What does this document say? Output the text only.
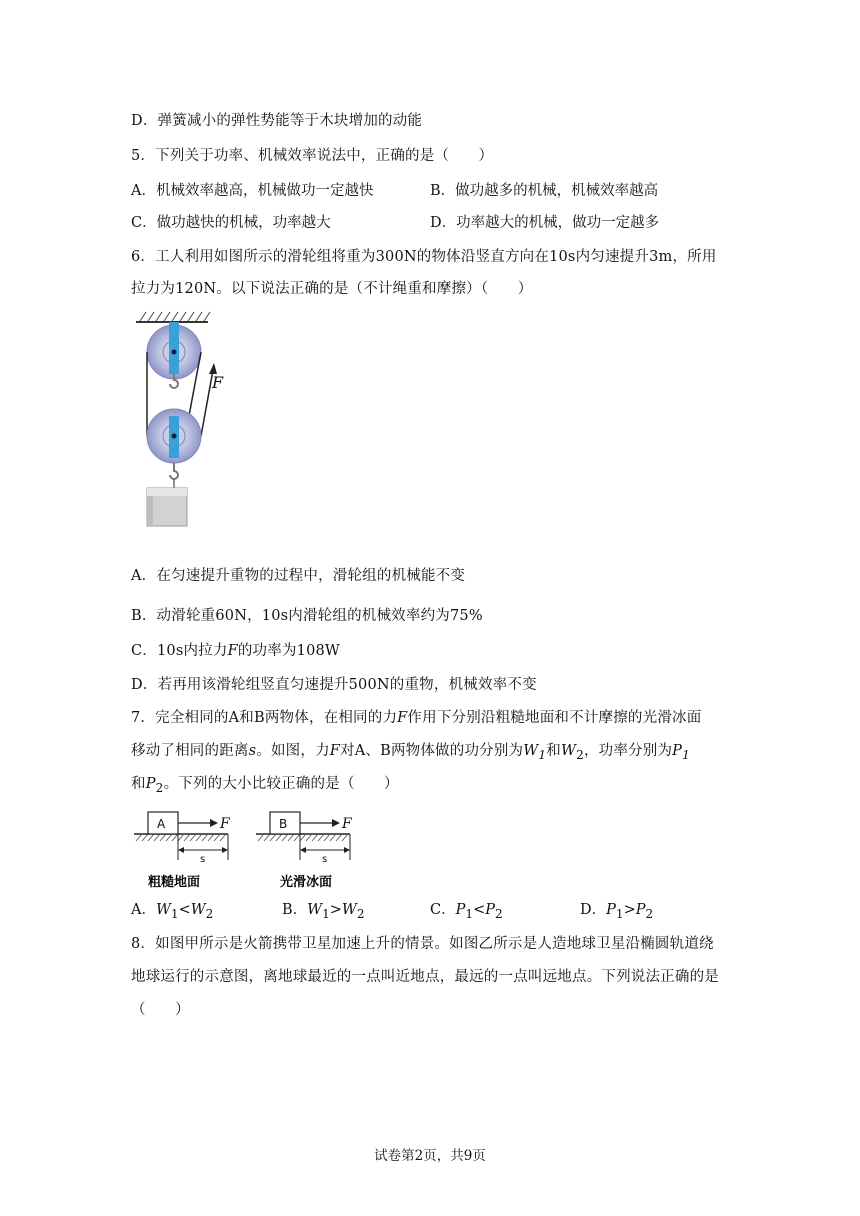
D．弹簧减小的弹性势能等于木块增加的动能
5．下列关于功率、机械效率说法中，正确的是（　　）
A．机械效率越高，机械做功一定越快	B．做功越多的机械，机械效率越高
C．做功越快的机械，功率越大	D．功率越大的机械，做功一定越多
6．工人利用如图所示的滑轮组将重为300N的物体沿竖直方向在10s内匀速提升3m，所用
拉力为120N。以下说法正确的是（不计绳重和摩擦）（　　）
F
A．在匀速提升重物的过程中，滑轮组的机械能不变
B．动滑轮重60N，10s内滑轮组的机械效率约为75%
C．10s内拉力F的功率为108W
D．若再用该滑轮组竖直匀速提升500N的重物，机械效率不变
7．完全相同的A和B两物体，在相同的力F作用下分别沿粗糙地面和不计摩擦的光滑冰面
移动了相同的距离s。如图，力F对A、B两物体做的功分别为$W_1$和$W_2$，功率分别为$P_1$
和$P_2$。下列的大小比较正确的是（　　）
A	F
s
B	F
s
粗糙地面	光滑冰面
A．$W_1<W_2$	B．$W_1>W_2$	C．$P_1<P_2$	D．$P_1>P_2$
8．如图甲所示是火箭携带卫星加速上升的情景。如图乙所示是人造地球卫星沿椭圆轨道绕
地球运行的示意图，离地球最近的一点叫近地点，最远的一点叫远地点。下列说法正确的是
（　　）
试卷第2页，共9页
